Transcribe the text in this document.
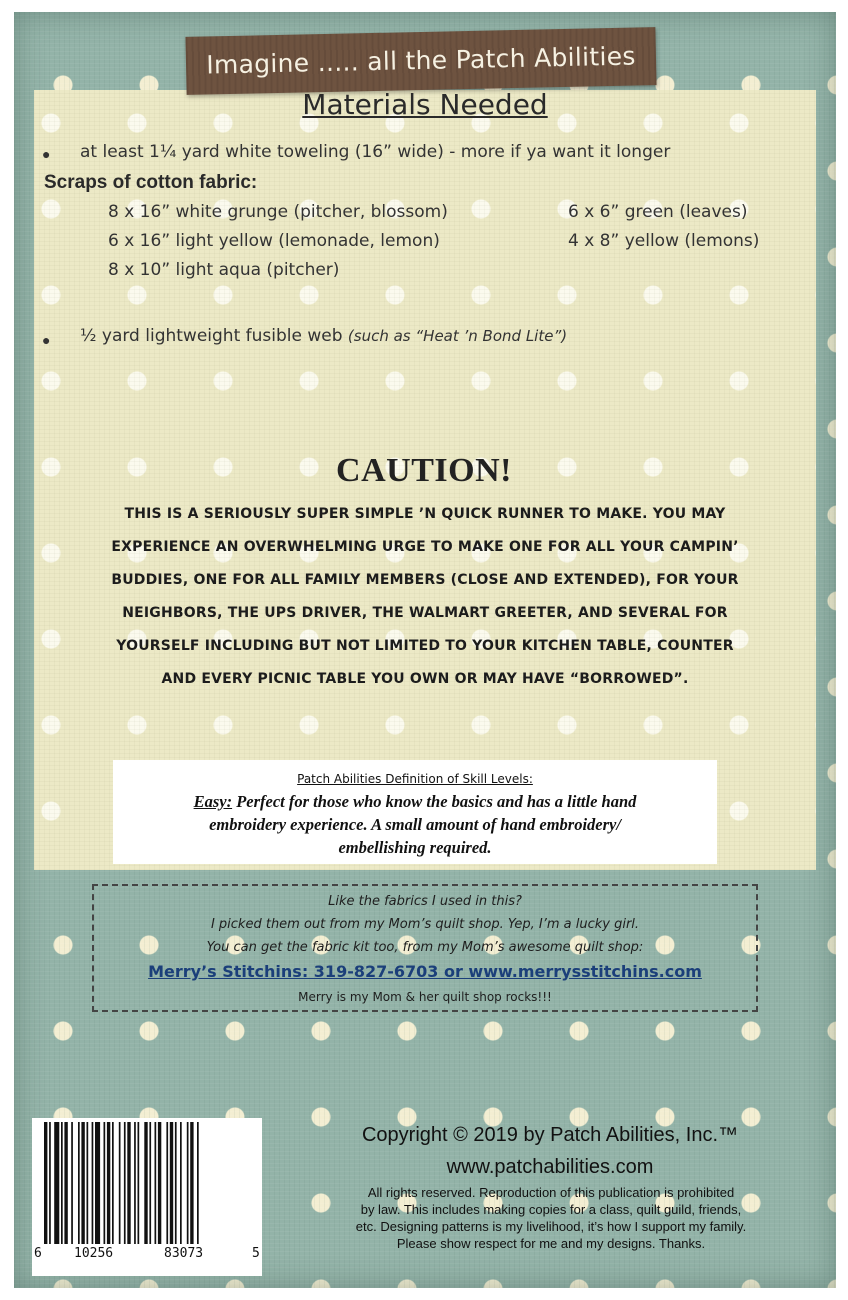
Imagine ..... all the Patch Abilities
Materials Needed
● at least 1¼ yard white toweling (16” wide) - more if ya want it longer
Scraps of cotton fabric:
8 x 16” white grunge (pitcher, blossom)
6 x 16” light yellow (lemonade, lemon)
8 x 10” light aqua (pitcher)
6 x 6” green (leaves)
4 x 8” yellow (lemons)
● ½ yard lightweight fusible web (such as “Heat ’n Bond Lite”)
CAUTION!
THIS IS A SERIOUSLY SUPER SIMPLE ’N QUICK RUNNER TO MAKE. YOU MAY
EXPERIENCE AN OVERWHELMING URGE TO MAKE ONE FOR ALL YOUR CAMPIN’
BUDDIES, ONE FOR ALL FAMILY MEMBERS (CLOSE AND EXTENDED), FOR YOUR
NEIGHBORS, THE UPS DRIVER, THE WALMART GREETER, AND SEVERAL FOR
YOURSELF INCLUDING BUT NOT LIMITED TO YOUR KITCHEN TABLE, COUNTER
AND EVERY PICNIC TABLE YOU OWN OR MAY HAVE “BORROWED”.
Patch Abilities Definition of Skill Levels:
Easy: Perfect for those who know the basics and has a little hand
embroidery experience. A small amount of hand embroidery/
embellishing required.
Like the fabrics I used in this?
I picked them out from my Mom’s quilt shop. Yep, I’m a lucky girl.
You can get the fabric kit too, from my Mom’s awesome quilt shop:
Merry’s Stitchins: 319-827-6703 or www.merrysstitchins.com
Merry is my Mom & her quilt shop rocks!!!
6 10256	83073	5
Copyright © 2019 by Patch Abilities, Inc.™
www.patchabilities.com
All rights reserved. Reproduction of this publication is prohibited
by law. This includes making copies for a class, quilt guild, friends,
etc. Designing patterns is my livelihood, it’s how I support my family.
Please show respect for me and my designs. Thanks.
